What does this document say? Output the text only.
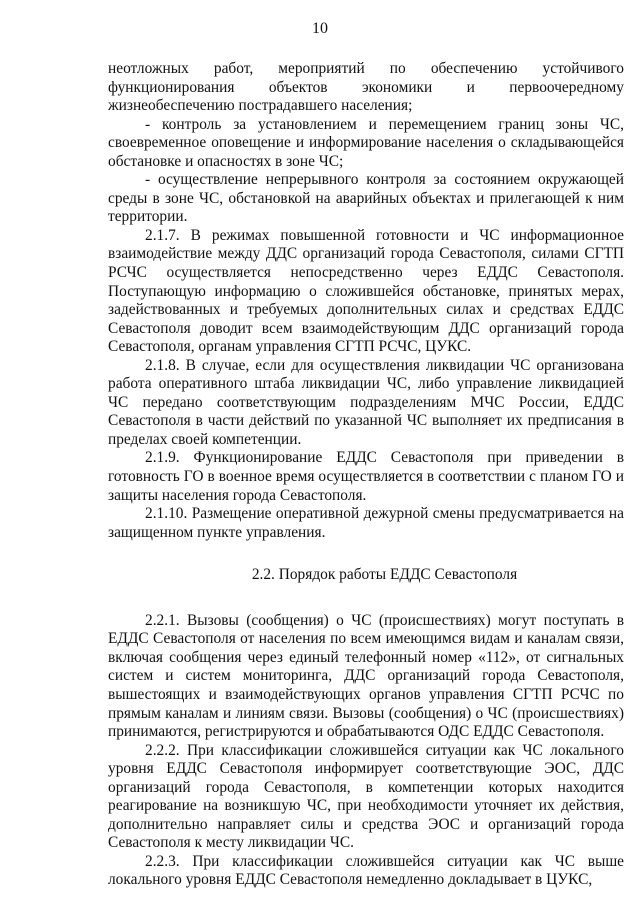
10

неотложных работ, мероприятий по обеспечению устойчивого функционирования объектов экономики и первоочередному жизнеобеспечению пострадавшего населения;

- контроль за установлением и перемещением границ зоны ЧС, своевременное оповещение и информирование населения о складывающейся обстановке и опасностях в зоне ЧС;

- осуществление непрерывного контроля за состоянием окружающей среды в зоне ЧС, обстановкой на аварийных объектах и прилегающей к ним территории.

2.1.7. В режимах повышенной готовности и ЧС информационное взаимодействие между ДДС организаций города Севастополя, силами СГТП РСЧС осуществляется непосредственно через ЕДДС Севастополя. Поступающую информацию о сложившейся обстановке, принятых мерах, задействованных и требуемых дополнительных силах и средствах ЕДДС Севастополя доводит всем взаимодействующим ДДС организаций города Севастополя, органам управления СГТП РСЧС, ЦУКС.

2.1.8. В случае, если для осуществления ликвидации ЧС организована работа оперативного штаба ликвидации ЧС, либо управление ликвидацией ЧС передано соответствующим подразделениям МЧС России, ЕДДС Севастополя в части действий по указанной ЧС выполняет их предписания в пределах своей компетенции.

2.1.9. Функционирование ЕДДС Севастополя при приведении в готовность ГО в военное время осуществляется в соответствии с планом ГО и защиты населения города Севастополя.

2.1.10. Размещение оперативной дежурной смены предусматривается на защищенном пункте управления.

2.2. Порядок работы ЕДДС Севастополя

2.2.1. Вызовы (сообщения) о ЧС (происшествиях) могут поступать в ЕДДС Севастополя от населения по всем имеющимся видам и каналам связи, включая сообщения через единый телефонный номер «112», от сигнальных систем и систем мониторинга, ДДС организаций города Севастополя, вышестоящих и взаимодействующих органов управления СГТП РСЧС по прямым каналам и линиям связи. Вызовы (сообщения) о ЧС (происшествиях) принимаются, регистрируются и обрабатываются ОДС ЕДДС Севастополя.

2.2.2. При классификации сложившейся ситуации как ЧС локального уровня ЕДДС Севастополя информирует соответствующие ЭОС, ДДС организаций города Севастополя, в компетенции которых находится реагирование на возникшую ЧС, при необходимости уточняет их действия, дополнительно направляет силы и средства ЭОС и организаций города Севастополя к месту ликвидации ЧС.

2.2.3. При классификации сложившейся ситуации как ЧС выше локального уровня ЕДДС Севастополя немедленно докладывает в ЦУКС,
